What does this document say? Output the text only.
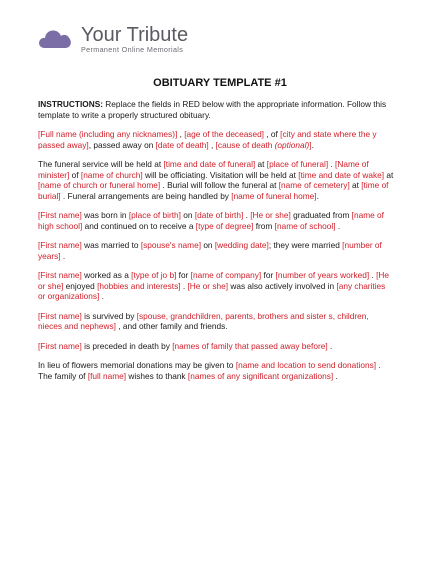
Your Tribute
Permanent Online Memorials
OBITUARY TEMPLATE #1

INSTRUCTIONS: Replace the fields in RED below with the appropriate information. Follow this template to write a properly structured obituary.

[Full name (including any nicknames)] , [age of the deceased] , of [city and state where the y passed away], passed away on [date of death] , [cause of death (optional)].

The funeral service will be held at [time and date of funeral] at [place of funeral] . [Name of minister] of [name of church] will be officiating. Visitation will be held at [time and date of wake] at [name of church or funeral home] . Burial will follow the funeral at [name of cemetery] at [time of burial] . Funeral arrangements are being handled by [name of funeral home].

[First name] was born in [place of birth] on [date of birth] . [He or she] graduated from [name of high school] and continued on to receive a [type of degree] from [name of school] .

[First name] was married to [spouse's name] on [wedding date]; they were married [number of years] .

[First name] worked as a [type of jo b] for [name of company] for [number of years worked] . [He or she] enjoyed [hobbies and interests] . [He or she] was also actively involved in [any charities or organizations] .

[First name] is survived by [spouse, grandchildren, parents, brothers and sister s, children, nieces and nephews] , and other family and friends.

[First name] is preceded in death by [names of family that passed away before] .

In lieu of flowers memorial donations may be given to [name and location to send donations] . The family of [full name] wishes to thank [names of any significant organizations] .
